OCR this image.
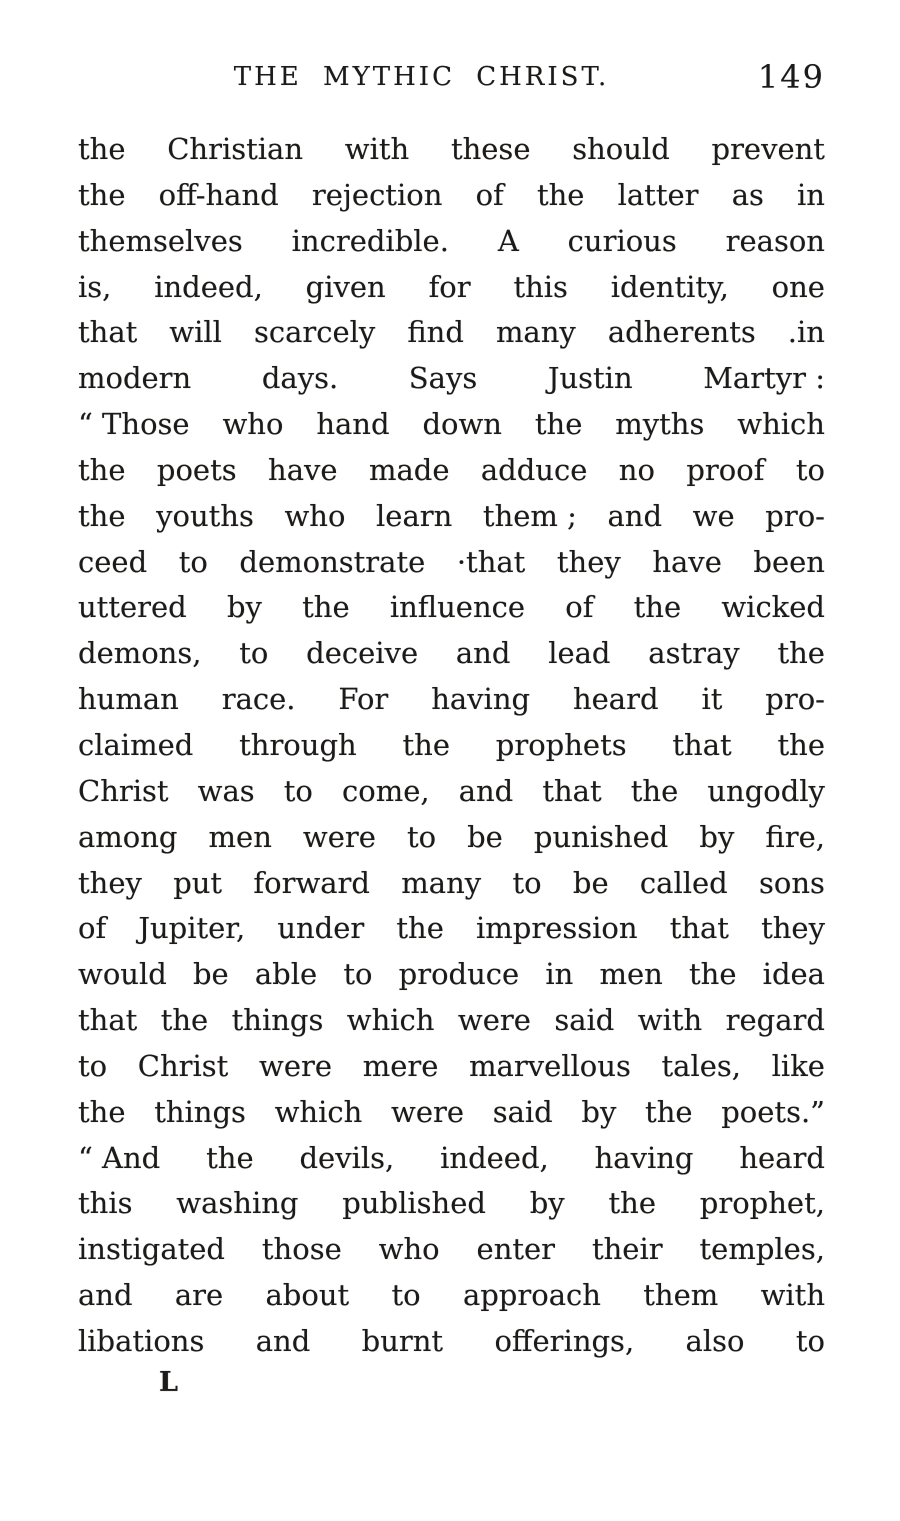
THE MYTHIC CHRIST.	149
the Christian with these should prevent
the off-hand rejection of the latter as in
themselves incredible. A curious reason
is, indeed, given for this identity, one
that will scarcely find many adherents .in
modern days. Says Justin Martyr :
“ Those who hand down the myths which
the poets have made adduce no proof to
the youths who learn them ; and we pro-
ceed to demonstrate ·that they have been
uttered by the influence of the wicked
demons, to deceive and lead astray the
human race. For having heard it pro-
claimed through the prophets that the
Christ was to come, and that the ungodly
among men were to be punished by fire,
they put forward many to be called sons
of Jupiter, under the impression that they
would be able to produce in men the idea
that the things which were said with regard
to Christ were mere marvellous tales, like
the things which were said by the poets.”
“ And the devils, indeed, having heard
this washing published by the prophet,
instigated those who enter their temples,
and are about to approach them with
libations and burnt offerings, also to
L
